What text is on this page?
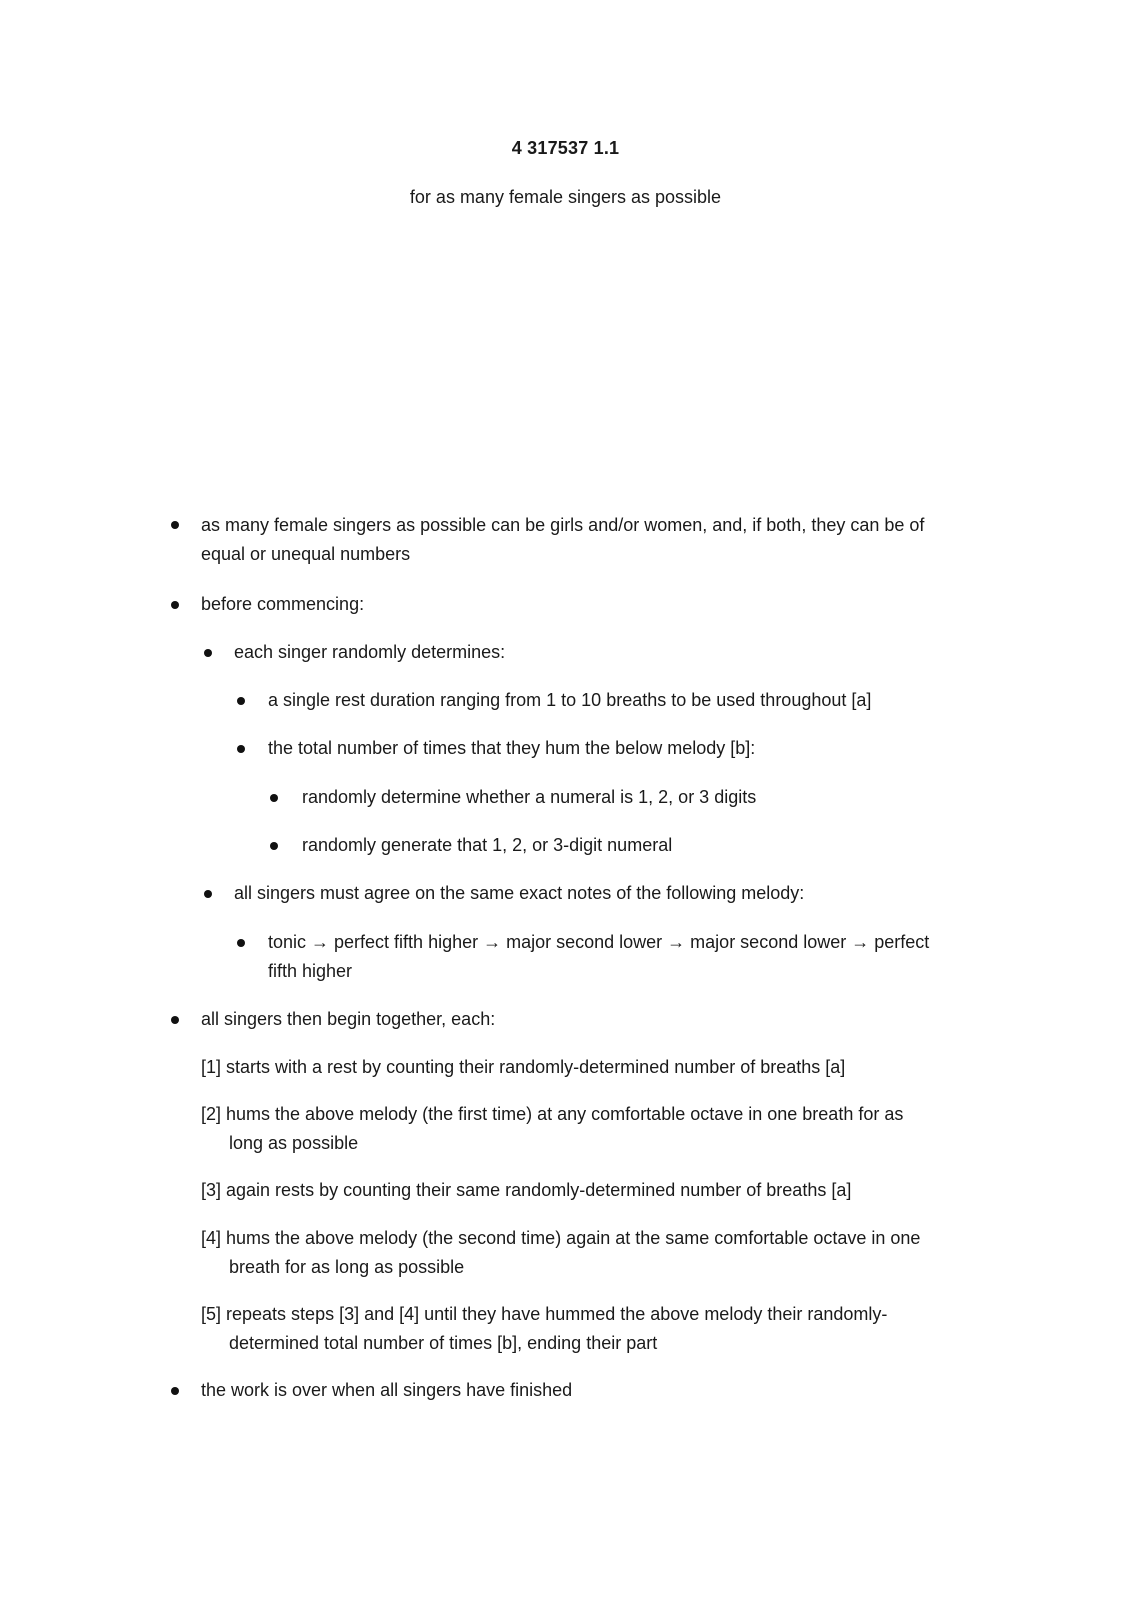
4 317537 1.1
for as many female singers as possible
as many female singers as possible can be girls and/or women, and, if both, they can be of
equal or unequal numbers
before commencing:
each singer randomly determines:
a single rest duration ranging from 1 to 10 breaths to be used throughout [a]
the total number of times that they hum the below melody [b]:
randomly determine whether a numeral is 1, 2, or 3 digits
randomly generate that 1, 2, or 3-digit numeral
all singers must agree on the same exact notes of the following melody:
tonic → perfect fifth higher → major second lower → major second lower → perfect
fifth higher
all singers then begin together, each:
[1] starts with a rest by counting their randomly-determined number of breaths [a]
[2] hums the above melody (the first time) at any comfortable octave in one breath for as
long as possible
[3] again rests by counting their same randomly-determined number of breaths [a]
[4] hums the above melody (the second time) again at the same comfortable octave in one
breath for as long as possible
[5] repeats steps [3] and [4] until they have hummed the above melody their randomly-
determined total number of times [b], ending their part
the work is over when all singers have finished
